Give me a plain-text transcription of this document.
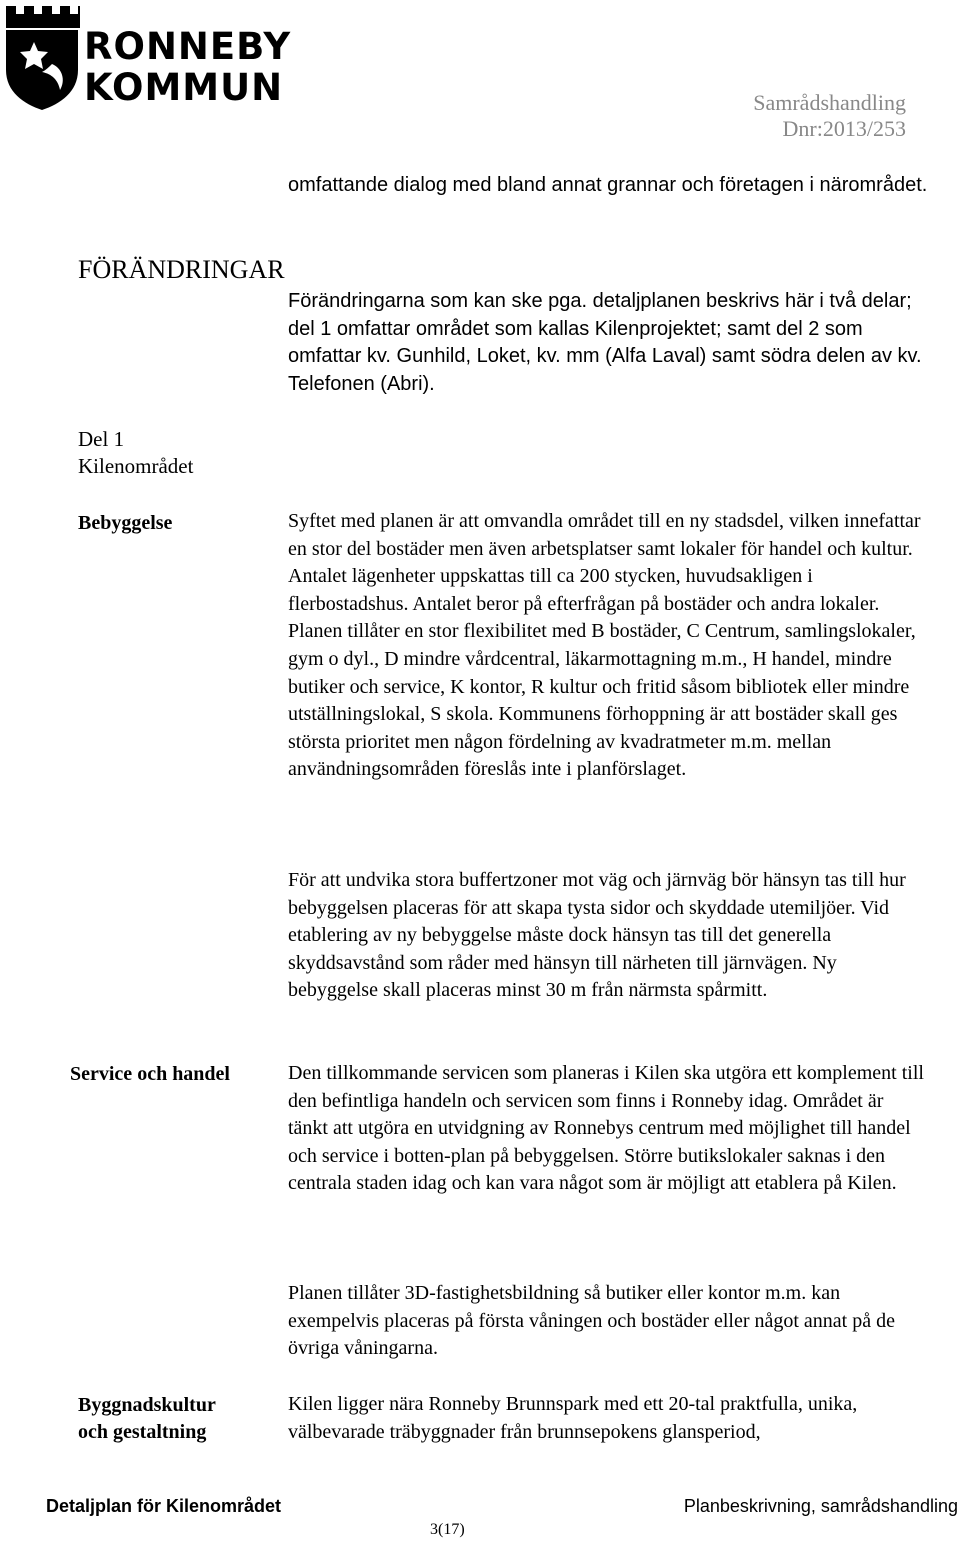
RONNEBY
KOMMUN	Samrådshandling
Dnr:2013/253
omfattande dialog med bland annat grannar och företagen i närområdet.
FÖRÄNDRINGAR
Förändringarna som kan ske pga. detaljplanen beskrivs här i två delar; del 1 omfattar området som kallas Kilenprojektet; samt del 2 som omfattar kv. Gunhild, Loket, kv. mm (Alfa Laval) samt södra delen av kv. Telefonen (Abri).
Del 1
Kilenområdet
Bebyggelse	Syftet med planen är att omvandla området till en ny stadsdel, vilken innefattar en stor del bostäder men även arbetsplatser samt lokaler för handel och kultur. Antalet lägenheter uppskattas till ca 200 stycken, huvudsakligen i flerbostadshus. Antalet beror på efterfrågan på bostäder och andra lokaler. Planen tillåter en stor flexibilitet med B bostäder, C Centrum, samlingslokaler, gym o dyl., D mindre vårdcentral, läkarmottagning m.m., H handel, mindre butiker och service, K kontor, R kultur och fritid såsom bibliotek eller mindre utställningslokal, S skola. Kommunens förhoppning är att bostäder skall ges största prioritet men någon fördelning av kvadratmeter m.m. mellan användningsområden föreslås inte i planförslaget.
För att undvika stora buffertzoner mot väg och järnväg bör hänsyn tas till hur bebyggelsen placeras för att skapa tysta sidor och skyddade utemiljöer. Vid etablering av ny bebyggelse måste dock hänsyn tas till det generella skyddsavstånd som råder med hänsyn till närheten till järnvägen. Ny bebyggelse skall placeras minst 30 m från närmsta spårmitt.
Service och handel	Den tillkommande servicen som planeras i Kilen ska utgöra ett komplement till den befintliga handeln och servicen som finns i Ronneby idag. Området är tänkt att utgöra en utvidgning av Ronnebys centrum med möjlighet till handel och service i botten-plan på bebyggelsen. Större butikslokaler saknas i den centrala staden idag och kan vara något som är möjligt att etablera på Kilen.
Planen tillåter 3D-fastighetsbildning så butiker eller kontor m.m. kan exempelvis placeras på första våningen och bostäder eller något annat på de övriga våningarna.
Byggnadskultur
och gestaltning
Kilen ligger nära Ronneby Brunnspark med ett 20-tal praktfulla, unika, välbevarade träbyggnader från brunnsepokens glansperiod,
Detaljplan för Kilenområdet	Planbeskrivning, samrådshandling
3(17)
